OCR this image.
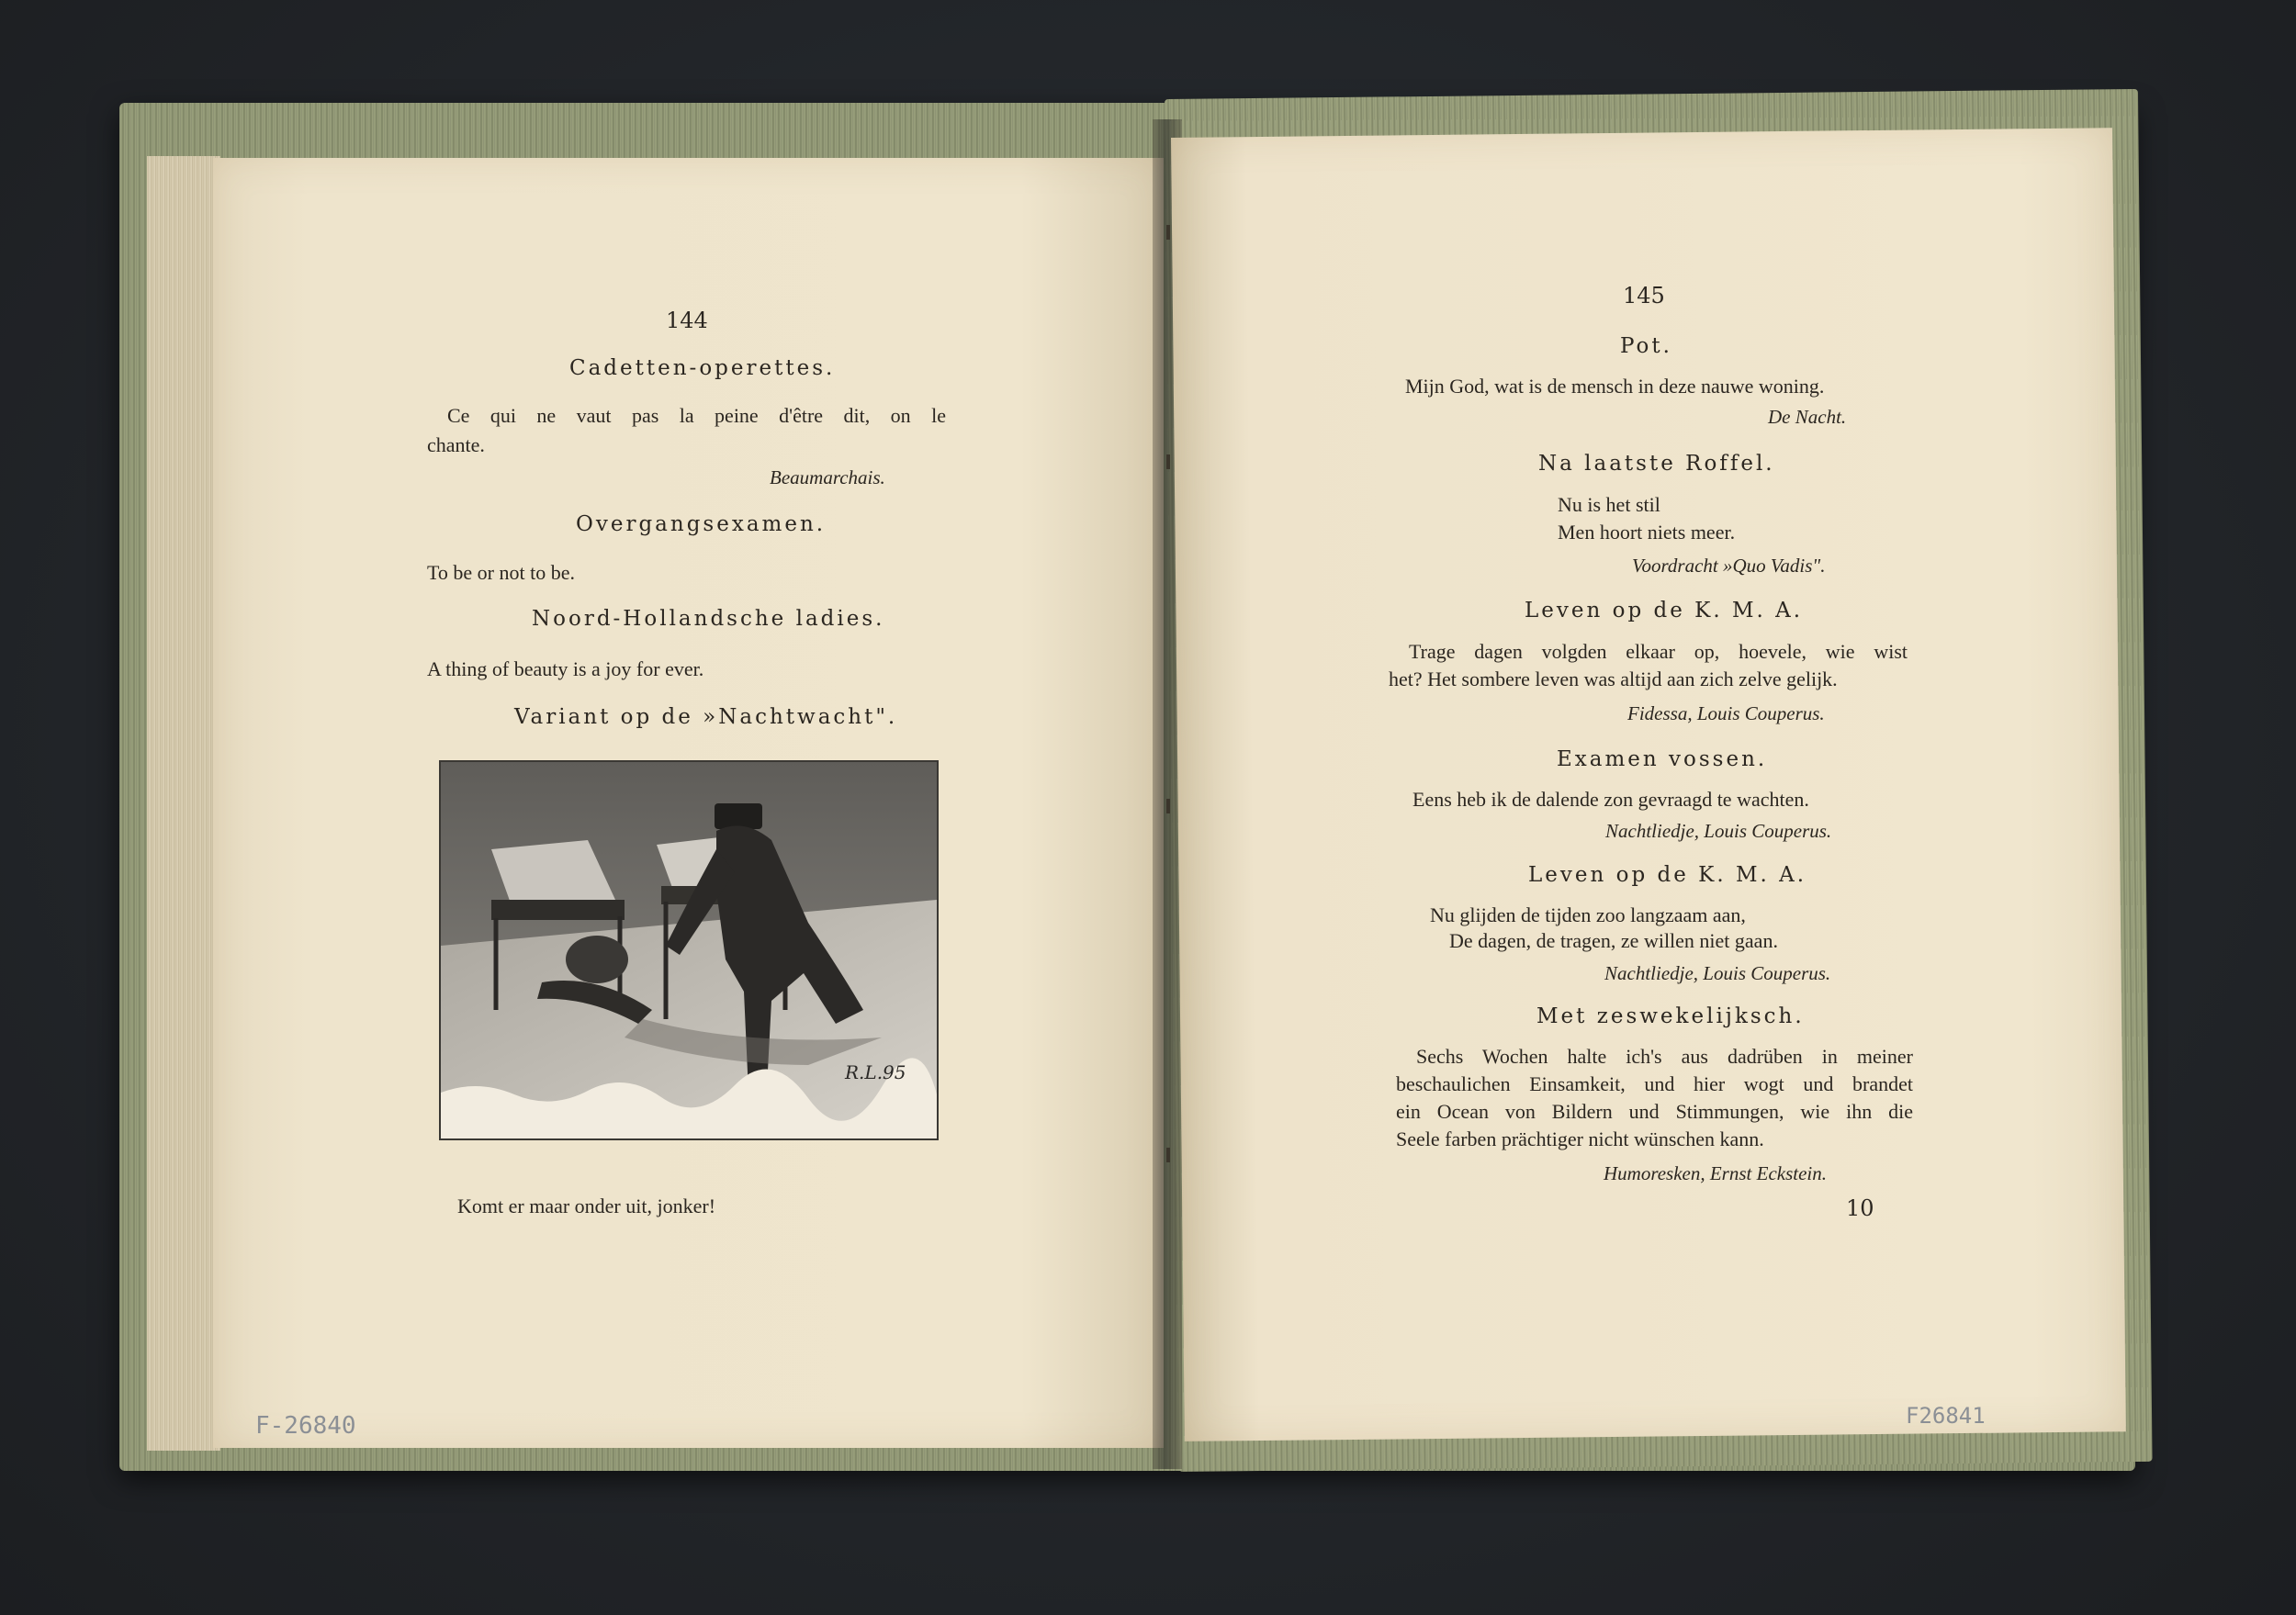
144
Cadetten-operettes.
Ce qui ne vaut pas la peine d'être dit, on le
chante.
Beaumarchais.
Overgangsexamen.
To be or not to be.
Noord-Hollandsche ladies.
A thing of beauty is a joy for ever.
Variant op de »Nachtwacht".
R.L.95
Komt er maar onder uit, jonker!
F-26840
145
Pot.
Mijn God, wat is de mensch in deze nauwe woning.
De Nacht.
Na laatste Roffel.
Nu is het stil
Men hoort niets meer.
Voordracht »Quo Vadis".
Leven op de K. M. A.
Trage dagen volgden elkaar op, hoevele, wie wist
het? Het sombere leven was altijd aan zich zelve gelijk.
Fidessa, Louis Couperus.
Examen vossen.
Eens heb ik de dalende zon gevraagd te wachten.
Nachtliedje, Louis Couperus.
Leven op de K. M. A.
Nu glijden de tijden zoo langzaam aan,
De dagen, de tragen, ze willen niet gaan.
Nachtliedje, Louis Couperus.
Met zeswekelijksch.
Sechs Wochen halte ich's aus dadrüben in meiner
beschaulichen Einsamkeit, und hier wogt und brandet
ein Ocean von Bildern und Stimmungen, wie ihn die
Seele farben prächtiger nicht wünschen kann.
Humoresken, Ernst Eckstein.
10
F26841
